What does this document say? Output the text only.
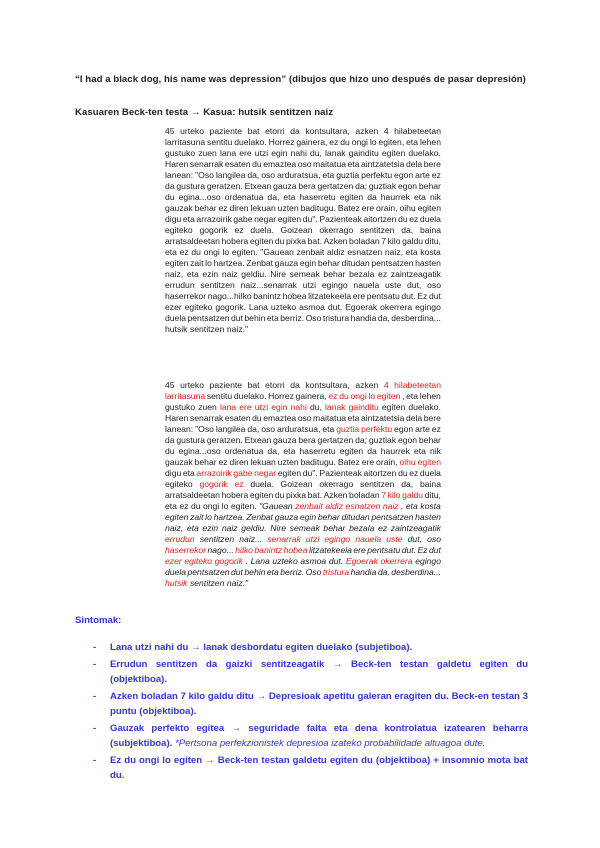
“I had a black dog, his name was depression” (dibujos que hizo uno después de pasar depresión)
Kasuaren Beck-ten testa → Kasua: hutsik sentitzen naiz
45 urteko paziente bat etorri da kontsultara, azken 4 hilabeteetan
larritasuna sentitu duelako. Horrez gainera, ez du ongi lo egiten, eta lehen
gustuko zuen lana ere utzi egin nahi du, lanak gainditu egiten duelako.
Haren senarrak esaten du emaztea oso maitatua eta aintzatetsia dela bere
lanean: "Oso langilea da, oso arduratsua, eta guztia perfektu egon arte ez
da gustura geratzen. Etxean gauza bera gertatzen da; guztiak egon behar
du egina...oso ordenatua da, eta haserretu egiten da haurrek eta nik
gauzak behar ez diren lekuan uzten baditugu. Batez ere orain, oihu egiten
digu eta arrazoirik gabe negar egiten du". Pazienteak aitortzen du ez duela
egiteko gogorik ez duela. Goizean okerrago sentitzen da, baina
arratsaldeetan hobera egiten du pixka bat. Azken boladan 7 kilo galdu ditu,
eta ez du ongi lo egiten. "Gauean zenbait aldiz esnatzen naiz, eta kosta
egiten zait lo hartzea. Zenbat gauza egin behar ditudan pentsatzen hasten
naiz, eta ezin naiz geldiu. Nire semeak behar bezala ez zaintzeagatik
errudun sentitzen naiz...senarrak utzi egingo nauela uste dut, oso
haserrekor nago...hilko banintz hobea litzatekeela ere pentsatu dut. Ez dut
ezer egiteko gogorik. Lana uzteko asmoa dut. Egoerak okerrera egingo
duela pentsatzen dut behin eta berriz. Oso tristura handia da, desberdina...
hutsik sentitzen naiz."
45 urteko paziente bat etorri da kontsultara, azken 4 hilabeteetan
larritasuna sentitu duelako. Horrez gainera, ez du ongi lo egiten , eta lehen
gustuko zuen lana ere utzi egin nahi du, lanak gainditu egiten duelako.
Haren senarrak esaten du emaztea oso maitatua eta aintzatetsia dela bere
lanean: "Oso langilea da, oso arduratsua, eta guztia perfektu egon arte ez
da gustura geratzen. Etxean gauza bera gertatzen da; guztiak egon behar
du egina...oso ordenatua da, eta haserretu egiten da haurrek eta nik
gauzak behar ez diren lekuan uzten baditugu. Batez ere orain, oihu egiten
digu eta arrazoirik gabe negar egiten du". Pazienteak aitortzen du ez duela
egiteko gogorik ez duela. Goizean okerrago sentitzen da, baina
arratsaldeetan hobera egiten du pixka bat. Azken boladan 7 kilo galdu ditu,
eta ez du ongi lo egiten. "Gauean zenbait aldiz esnatzen naiz , eta kosta
egiten zait lo hartzea. Zenbat gauza egin behar ditudan pentsatzen hasten
naiz, eta ezin naiz geldiu. Nire semeak behar bezala ez zaintzeagatik
errudun sentitzen naiz... senarrak utzi egingo nauela uste dut, oso
haserrekor nago... hilko banintz hobea litzatekeela ere pentsatu dut. Ez dut
ezer egiteko gogorik . Lana uzteko asmoa dut. Egoerak okerrera egingo
duela pentsatzen dut behin eta berriz. Oso tristura handia da, desberdina...
hutsik sentitzen naiz."
Sintomak:
-	Lana utzi nahi du → lanak desbordatu egiten duelako (subjetiboa).
-	Errudun sentitzen da gaizki sentitzeagatik → Beck-ten testan galdetu egiten du (objektiboa).
-	Azken boladan 7 kilo galdu ditu → Depresioak apetitu galeran eragiten du. Beck-en testan 3 puntu (objektiboa).
-	Gauzak perfekto egitea → seguridade falta eta dena kontrolatua izatearen beharra (subjektiboa). *Pertsona perfekzionistek depresioa izateko probabilidade altuagoa dute.
-	Ez du ongi lo egiten → Beck-ten testan galdetu egiten du (objektiboa) + insomnio mota bat du.
